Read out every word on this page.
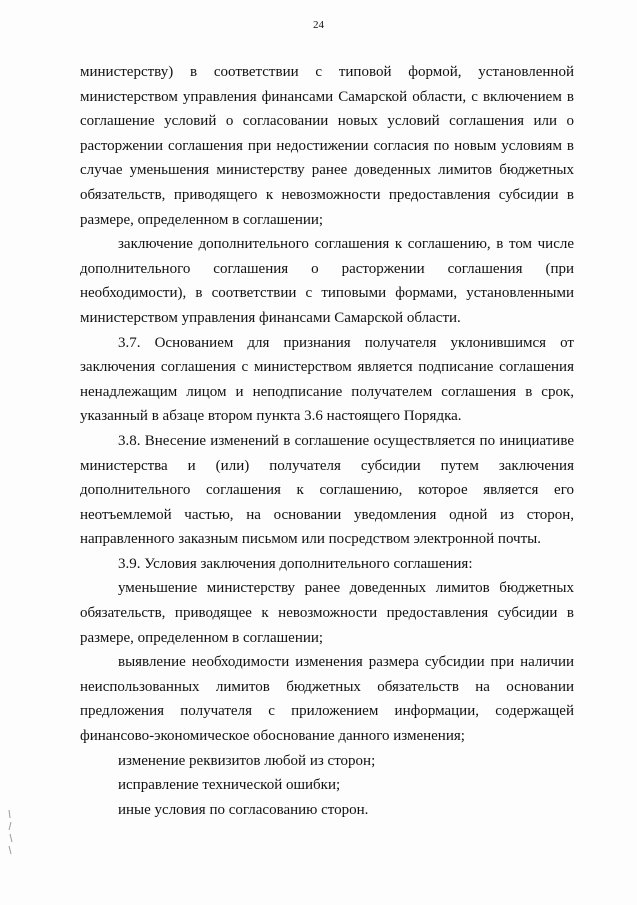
24

министерству) в соответствии с типовой формой, установленной министерством управления финансами Самарской области, с включением в соглашение условий о согласовании новых условий соглашения или о расторжении соглашения при недостижении согласия по новым условиям в случае уменьшения министерству ранее доведенных лимитов бюджетных обязательств, приводящего к невозможности предоставления субсидии в размере, определенном в соглашении;

заключение дополнительного соглашения к соглашению, в том числе дополнительного соглашения о расторжении соглашения (при необходимости), в соответствии с типовыми формами, установленными министерством управления финансами Самарской области.

3.7. Основанием для признания получателя уклонившимся от заключения соглашения с министерством является подписание соглашения ненадлежащим лицом и неподписание получателем соглашения в срок, указанный в абзаце втором пункта 3.6 настоящего Порядка.

3.8. Внесение изменений в соглашение осуществляется по инициативе министерства и (или) получателя субсидии путем заключения дополнительного соглашения к соглашению, которое является его неотъемлемой частью, на основании уведомления одной из сторон, направленного заказным письмом или посредством электронной почты.

3.9. Условия заключения дополнительного соглашения:

уменьшение министерству ранее доведенных лимитов бюджетных обязательств, приводящее к невозможности предоставления субсидии в размере, определенном в соглашении;

выявление необходимости изменения размера субсидии при наличии неиспользованных лимитов бюджетных обязательств на основании предложения получателя с приложением информации, содержащей финансово-экономическое обоснование данного изменения;

изменение реквизитов любой из сторон;

исправление технической ошибки;

иные условия по согласованию сторон.
